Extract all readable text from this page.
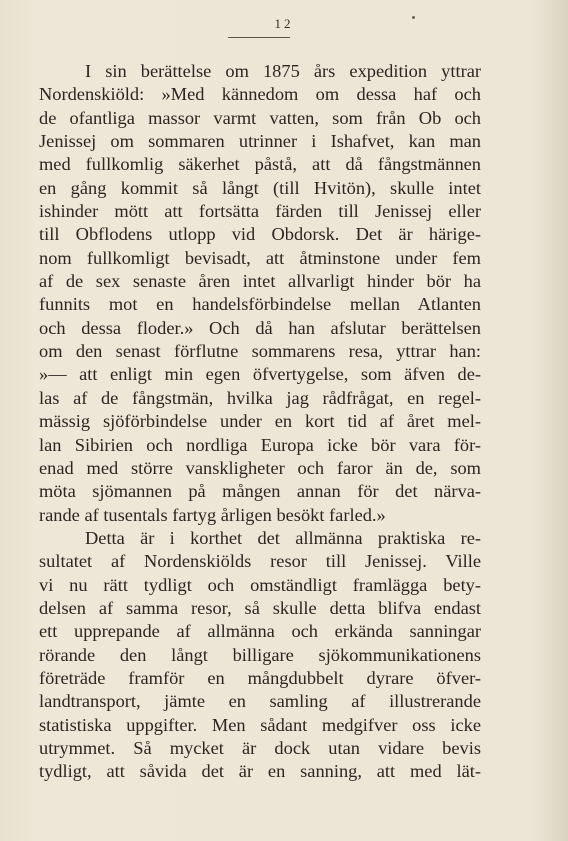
12
I sin berättelse om 1875 års expedition yttrar
Nordenskiöld: »Med kännedom om dessa haf och
de ofantliga massor varmt vatten, som från Ob och
Jenissej om sommaren utrinner i Ishafvet, kan man
med fullkomlig säkerhet påstå, att då fångstmännen
en gång kommit så långt (till Hvitön), skulle intet
ishinder mött att fortsätta färden till Jenissej eller
till Obflodens utlopp vid Obdorsk. Det är härige-
nom fullkomligt bevisadt, att åtminstone under fem
af de sex senaste åren intet allvarligt hinder bör ha
funnits mot en handelsförbindelse mellan Atlanten
och dessa floder.» Och då han afslutar berättelsen
om den senast förflutne sommarens resa, yttrar han:
»— att enligt min egen öfvertygelse, som äfven de-
las af de fångstmän, hvilka jag rådfrågat, en regel-
mässig sjöförbindelse under en kort tid af året mel-
lan Sibirien och nordliga Europa icke bör vara för-
enad med större vanskligheter och faror än de, som
möta sjömannen på mången annan för det närva-
rande af tusentals fartyg årligen besökt farled.»
Detta är i korthet det allmänna praktiska re-
sultatet af Nordenskiölds resor till Jenissej. Ville
vi nu rätt tydligt och omständligt framlägga bety-
delsen af samma resor, så skulle detta blifva endast
ett upprepande af allmänna och erkända sanningar
rörande den långt billigare sjökommunikationens
företräde framför en mångdubbelt dyrare öfver-
landtransport, jämte en samling af illustrerande
statistiska uppgifter. Men sådant medgifver oss icke
utrymmet. Så mycket är dock utan vidare bevis
tydligt, att såvida det är en sanning, att med lät-
